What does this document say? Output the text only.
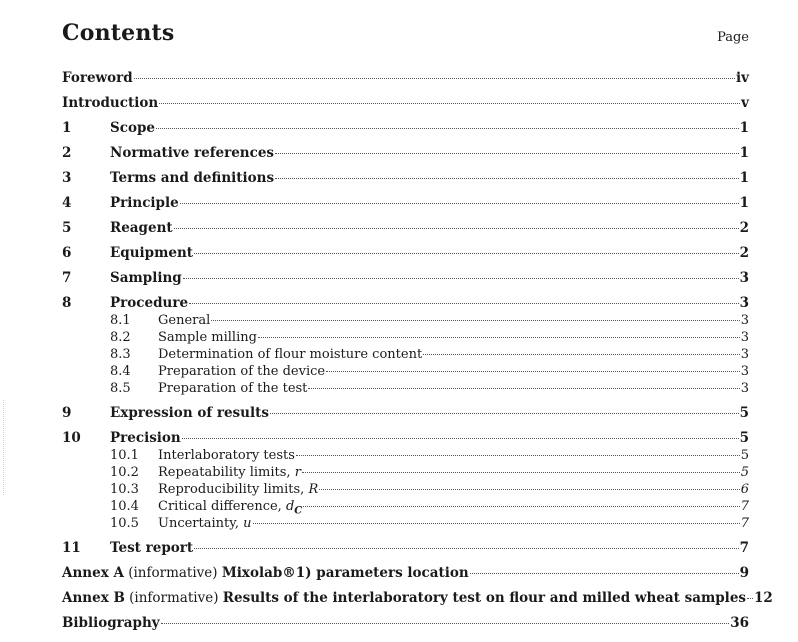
Contents	Page
Foreword	iv
Introduction	v
1	Scope	1
2	Normative references	1
3	Terms and definitions	1
4	Principle	1
5	Reagent	2
6	Equipment	2
7	Sampling	3
8	Procedure	3
8.1	General	3
8.2	Sample milling	3
8.3	Determination of flour moisture content	3
8.4	Preparation of the device	3
8.5	Preparation of the test	3
9	Expression of results	5
10	Precision	5
10.1	Interlaboratory tests	5
10.2	Repeatability limits, r	5
10.3	Reproducibility limits, R	6
10.4	Critical difference, $d_C$	7
10.5	Uncertainty, u	7
11	Test report	7
Annex A (informative) Mixolab®1) parameters location	9
Annex B (informative) Results of the interlaboratory test on flour and milled wheat samples 12
Bibliography	36
